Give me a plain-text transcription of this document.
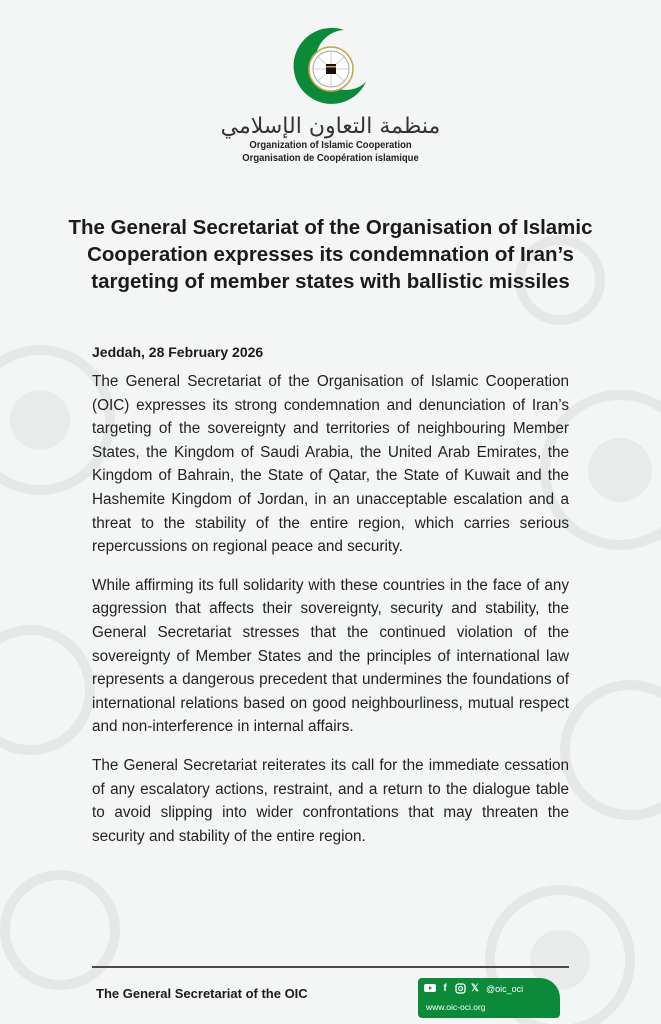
منظمة التعاون الإسلامي
Organization of Islamic Cooperation
Organisation de Coopération islamique
The General Secretariat of the Organisation of Islamic Cooperation expresses its condemnation of Iran’s targeting of member states with ballistic missiles
Jeddah, 28 February 2026

The General Secretariat of the Organisation of Islamic Cooperation (OIC) expresses its strong condemnation and denunciation of Iran’s targeting of the sovereignty and territories of neighbouring Member States, the Kingdom of Saudi Arabia, the United Arab Emirates, the Kingdom of Bahrain, the State of Qatar, the State of Kuwait and the Hashemite Kingdom of Jordan, in an unacceptable escalation and a threat to the stability of the entire region, which carries serious repercussions on regional peace and security.

While affirming its full solidarity with these countries in the face of any aggression that affects their sovereignty, security and stability, the General Secretariat stresses that the continued violation of the sovereignty of Member States and the principles of international law represents a dangerous precedent that undermines the foundations of international relations based on good neighbourliness, mutual respect and non-interference in internal affairs.

The General Secretariat reiterates its call for the immediate cessation of any escalatory actions, restraint, and a return to the dialogue table to avoid slipping into wider confrontations that may threaten the security and stability of the entire region.

The General Secretariat of the OIC	f	𝕏 @oic_oci
www.oic-oci.org
